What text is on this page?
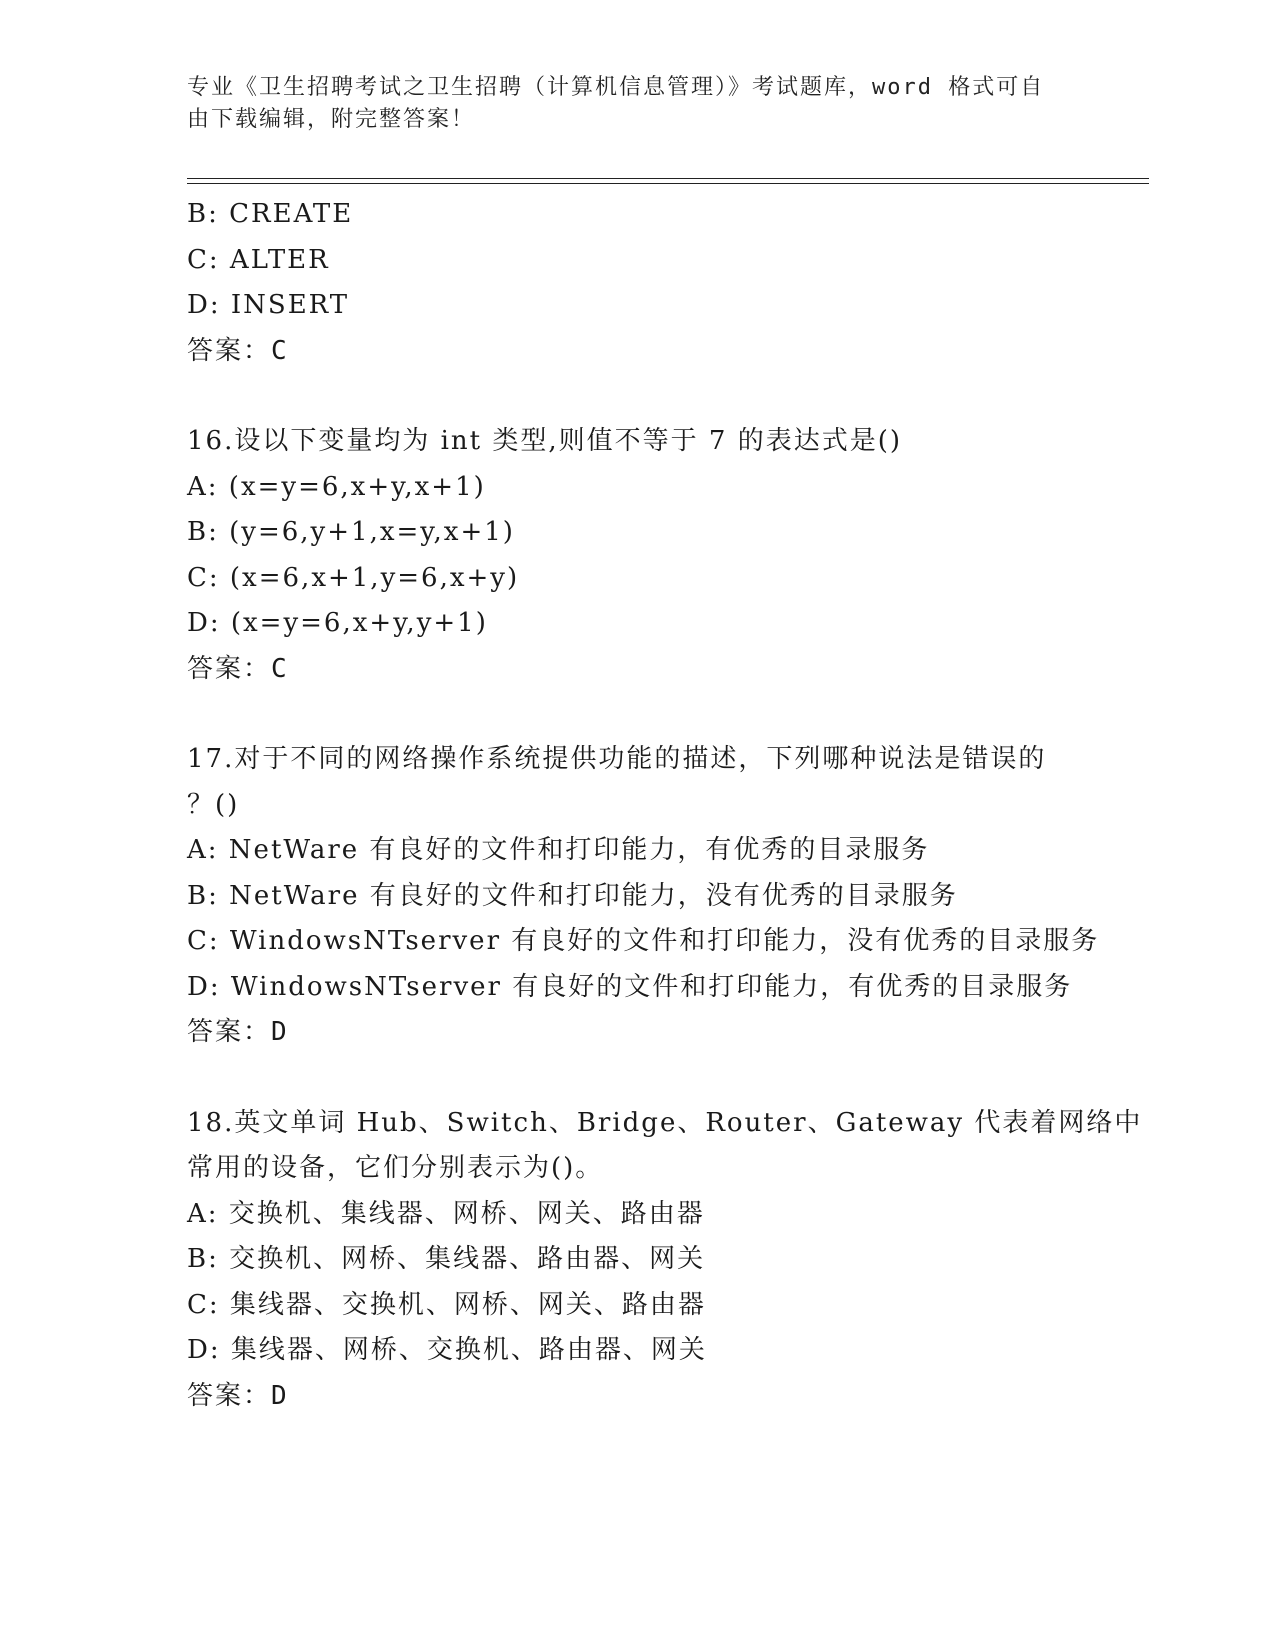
专业《卫生招聘考试之卫生招聘（计算机信息管理）》考试题库，word 格式可自
由下载编辑，附完整答案！
B: CREATE
C: ALTER
D: INSERT
答案：C
16.设以下变量均为 int 类型,则值不等于 7 的表达式是()
A: (x=y=6,x+y,x+1)
B: (y=6,y+1,x=y,x+1)
C: (x=6,x+1,y=6,x+y)
D: (x=y=6,x+y,y+1)
答案：C
17.对于不同的网络操作系统提供功能的描述，下列哪种说法是错误的
？()
A: NetWare 有良好的文件和打印能力，有优秀的目录服务
B: NetWare 有良好的文件和打印能力，没有优秀的目录服务
C: WindowsNTserver 有良好的文件和打印能力，没有优秀的目录服务
D: WindowsNTserver 有良好的文件和打印能力，有优秀的目录服务
答案：D
18.英文单词 Hub、Switch、Bridge、Router、Gateway 代表着网络中
常用的设备，它们分别表示为()。
A: 交换机、集线器、网桥、网关、路由器
B: 交换机、网桥、集线器、路由器、网关
C: 集线器、交换机、网桥、网关、路由器
D: 集线器、网桥、交换机、路由器、网关
答案：D
